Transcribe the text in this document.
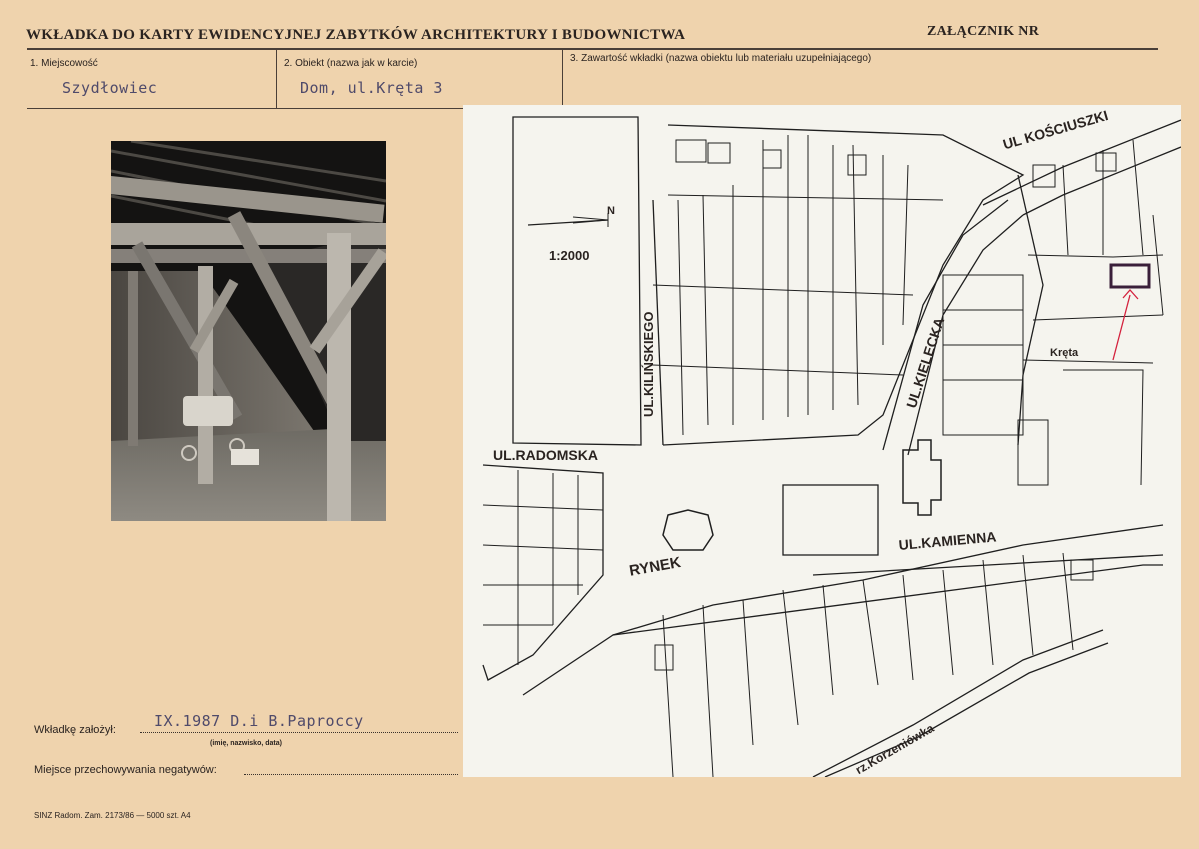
WKŁADKA DO KARTY EWIDENCYJNEJ ZABYTKÓW ARCHITEKTURY I BUDOWNICTWA	ZAŁĄCZNIK NR
1. Miejscowość
Szydłowiec
2. Obiekt (nazwa jak w karcie)
Dom, ul.Kręta 3
3. Zawartość wkładki (nazwa obiektu lub materiału uzupełniającego)
N
1:2000
UL KOŚCIUSZKI
UL.KILIŃSKIEGO	UL.KIELECKA
UL.RADOMSKA
UL.KAMIENNA
RYNEK
Kręta
rz.Korzeniówka
Wkładkę założył:	IX.1987 D.i B.Paproccy
(imię, nazwisko, data)
Miejsce przechowywania negatywów:
SINZ Radom. Zam. 2173/86 — 5000 szt. A4
